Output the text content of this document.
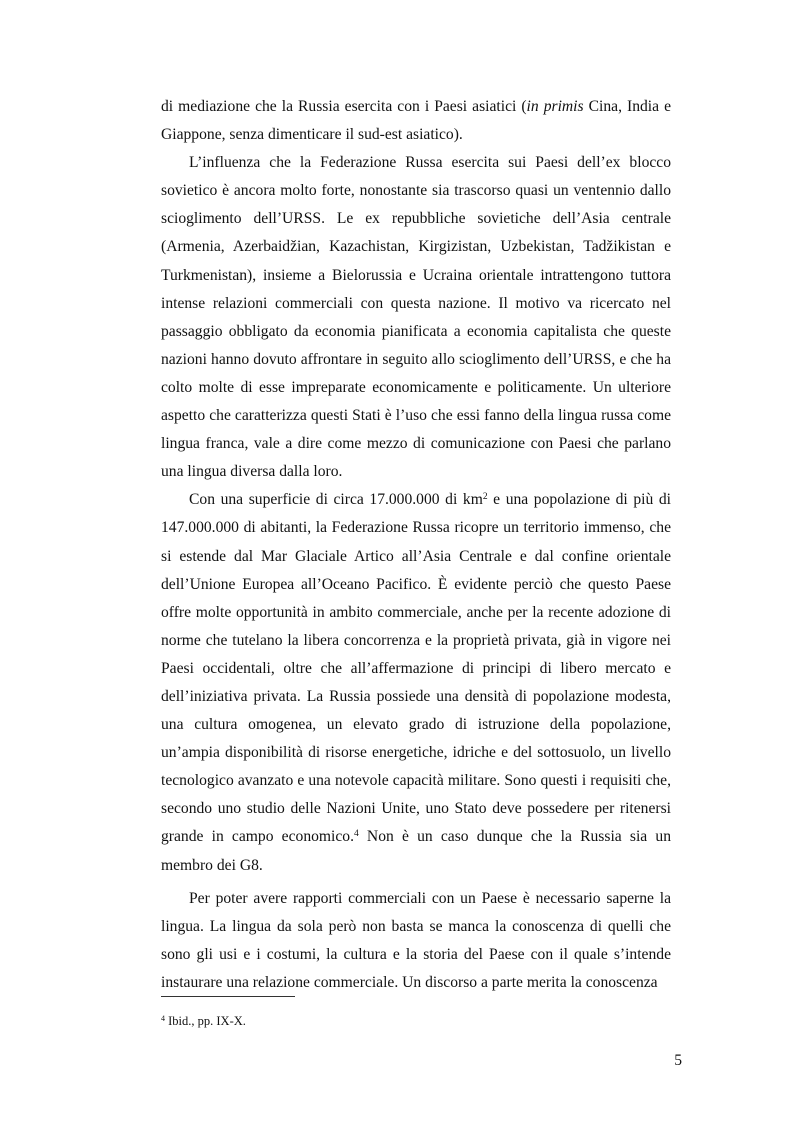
di mediazione che la Russia esercita con i Paesi asiatici (in primis Cina, India e Giappone, senza dimenticare il sud-est asiatico).

L’influenza che la Federazione Russa esercita sui Paesi dell’ex blocco sovietico è ancora molto forte, nonostante sia trascorso quasi un ventennio dallo scioglimento dell’URSS. Le ex repubbliche sovietiche dell’Asia centrale (Armenia, Azerbaidžian, Kazachistan, Kirgizistan, Uzbekistan, Tadžikistan e Turkmenistan), insieme a Bielorussia e Ucraina orientale intrattengono tuttora intense relazioni commerciali con questa nazione. Il motivo va ricercato nel passaggio obbligato da economia pianificata a economia capitalista che queste nazioni hanno dovuto affrontare in seguito allo scioglimento dell’URSS, e che ha colto molte di esse impreparate economicamente e politicamente. Un ulteriore aspetto che caratterizza questi Stati è l’uso che essi fanno della lingua russa come lingua franca, vale a dire come mezzo di comunicazione con Paesi che parlano una lingua diversa dalla loro.

Con una superficie di circa 17.000.000 di $km^2$ e una popolazione di più di 147.000.000 di abitanti, la Federazione Russa ricopre un territorio immenso, che si estende dal Mar Glaciale Artico all’Asia Centrale e dal confine orientale dell’Unione Europea all’Oceano Pacifico. È evidente perciò che questo Paese offre molte opportunità in ambito commerciale, anche per la recente adozione di norme che tutelano la libera concorrenza e la proprietà privata, già in vigore nei Paesi occidentali, oltre che all’affermazione di principi di libero mercato e dell’iniziativa privata. La Russia possiede una densità di popolazione modesta, una cultura omogenea, un elevato grado di istruzione della popolazione, un’ampia disponibilità di risorse energetiche, idriche e del sottosuolo, un livello tecnologico avanzato e una notevole capacità militare. Sono questi i requisiti che, secondo uno studio delle Nazioni Unite, uno Stato deve possedere per ritenersi grande in campo economico.$^4$ Non è un caso dunque che la Russia sia un membro dei G8.

Per poter avere rapporti commerciali con un Paese è necessario saperne la lingua. La lingua da sola però non basta se manca la conoscenza di quelli che sono gli usi e i costumi, la cultura e la storia del Paese con il quale s’intende instaurare una relazione commerciale. Un discorso a parte merita la conoscenza

$^4$ Ibid., pp. IX-X.
5
